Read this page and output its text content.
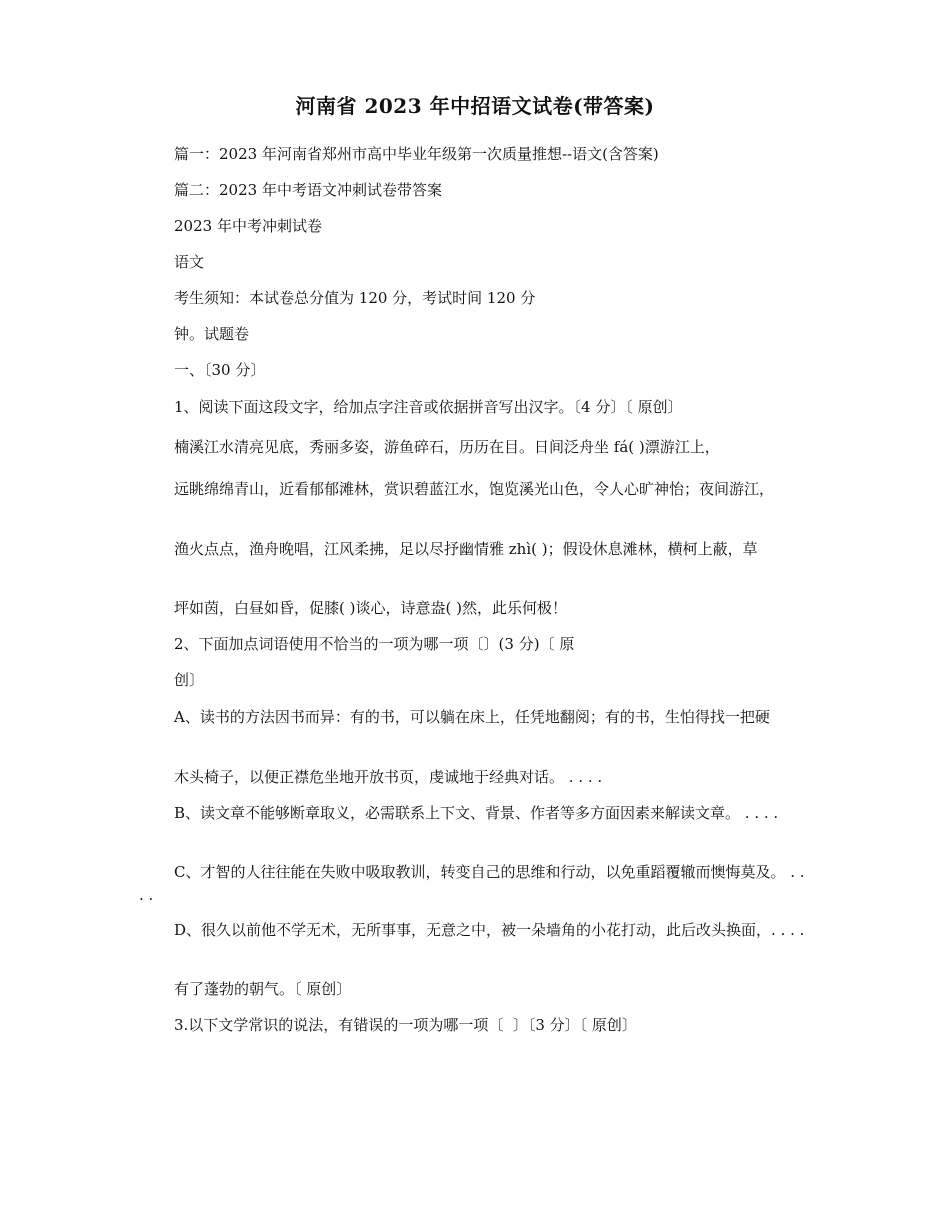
河南省 2023 年中招语文试卷(带答案)
篇一：2023 年河南省郑州市高中毕业年级第一次质量推想--语文(含答案)
篇二：2023 年中考语文冲刺试卷带答案
2023 年中考冲刺试卷
语文
考生须知：本试卷总分值为 120 分，考试时间 120 分
钟。试题卷
一、〔30 分〕
1、阅读下面这段文字，给加点字注音或依据拼音写出汉字。〔4 分〕〔 原创〕
楠溪江水清亮见底，秀丽多姿，游鱼碎石，历历在目。日间泛舟坐 fá( )漂游江上，
远眺绵绵青山，近看郁郁滩林，赏识碧蓝江水，饱览溪光山色，令人心旷神怡；夜间游江，
渔火点点，渔舟晚唱，江风柔拂，足以尽抒幽情雅 zhì( )；假设休息滩林，横柯上蔽，草
坪如茵，白昼如昏，促膝( )谈心，诗意盎( )然，此乐何极！
2、下面加点词语使用不恰当的一项为哪一项〔〕(3 分)〔 原
创〕
A、读书的方法因书而异：有的书，可以躺在床上，任凭地翻阅；有的书，生怕得找一把硬
木头椅子，以便正襟危坐地开放书页，虔诚地于经典对话。 . . . .
B、读文章不能够断章取义，必需联系上下文、背景、作者等多方面因素来解读文章。 . . . .
C、才智的人往往能在失败中吸取教训，转变自己的思维和行动，以免重蹈覆辙而懊悔莫及。 . . . .
D、很久以前他不学无术，无所事事，无意之中，被一朵墙角的小花打动，此后改头换面，. . . .
有了蓬勃的朝气。〔 原创〕
3.以下文学常识的说法，有错误的一项为哪一项〔  〕〔3 分〕〔 原创〕
